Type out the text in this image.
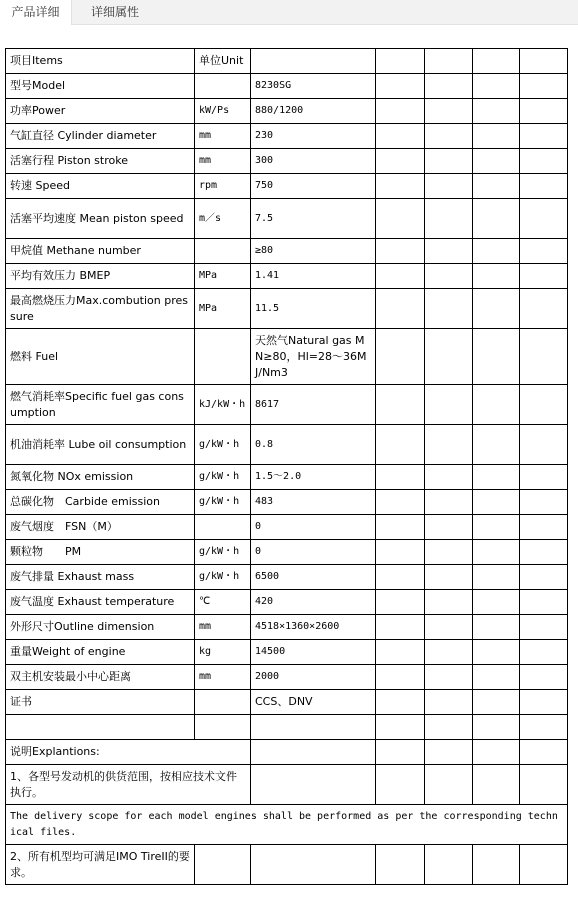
产品详细	详细属性
项目Items	单位Unit					
型号Model		8230SG				
功率Power	kW/Ps	880/1200				
气缸直径 Cylinder diameter	mm	230				
活塞行程 Piston stroke	mm	300				
转速 Speed	rpm	750				
活塞平均速度 Mean piston speed	m／s	7.5				
甲烷值 Methane number		≥80				
平均有效压力 BMEP	MPa	1.41				
最高燃烧压力Max.combution pressure	MPa	11.5				
燃料 Fuel		天然气Natural gas MN≥80，Hl=28～36MJ/Nm3				
燃气消耗率Specific fuel gas consumption	kJ/kW・h	8617				
机油消耗率 Lube oil consumption	g/kW・h	0.8				
氮氧化物 NOx emission	g/kW・h	1.5～2.0				
总碳化物　Carbide emission	g/kW・h	483				
废气烟度　FSN（M）		0				
颗粒物　　PM	g/kW・h	0				
废气排量 Exhaust mass	g/kW・h	6500				
废气温度 Exhaust temperature	℃	420				
外形尺寸Outline dimension	mm	4518×1360×2600				
重量Weight of engine	kg	14500				
双主机安装最小中心距离	mm	2000				
证书		CCS、DNV				

说明Explantions:						
1、各型号发动机的供货范围，按相应技术文件执行。						
The delivery scope for each model engines shall be performed as per the corresponding technical files.						
2、所有机型均可满足IMO TireII的要求。						
